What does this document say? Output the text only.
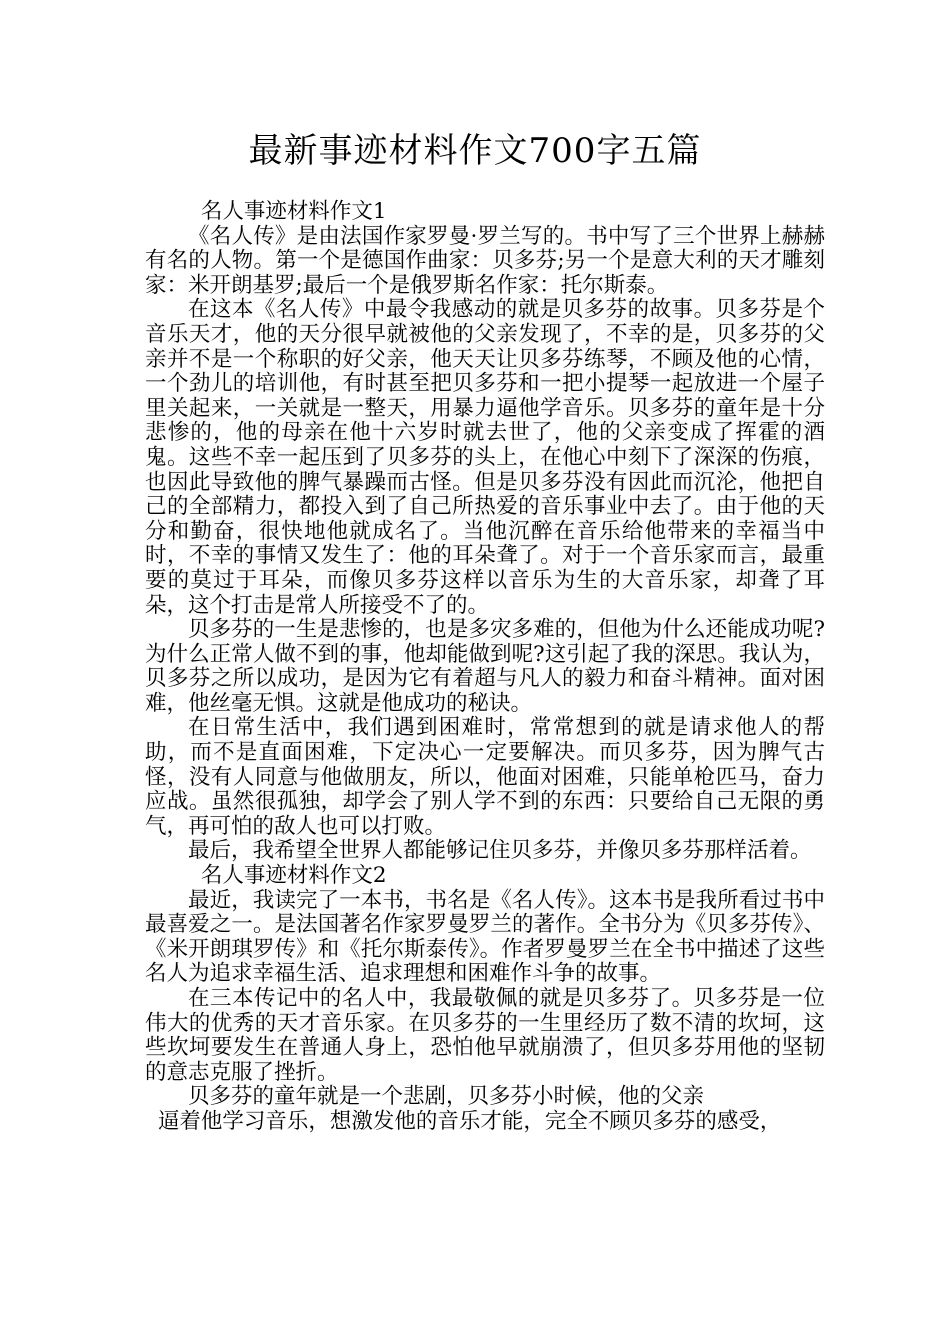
最新事迹材料作文700字五篇

名人事迹材料作文1

《名人传》是由法国作家罗曼·罗兰写的。书中写了三个世界上赫赫有名的人物。第一个是德国作曲家：贝多芬;另一个是意大利的天才雕刻家：米开朗基罗;最后一个是俄罗斯名作家：托尔斯泰。

在这本《名人传》中最令我感动的就是贝多芬的故事。贝多芬是个音乐天才，他的天分很早就被他的父亲发现了，不幸的是，贝多芬的父亲并不是一个称职的好父亲，他天天让贝多芬练琴，不顾及他的心情，一个劲儿的培训他，有时甚至把贝多芬和一把小提琴一起放进一个屋子里关起来，一关就是一整天，用暴力逼他学音乐。贝多芬的童年是十分悲惨的，他的母亲在他十六岁时就去世了，他的父亲变成了挥霍的酒鬼。这些不幸一起压到了贝多芬的头上，在他心中刻下了深深的伤痕，也因此导致他的脾气暴躁而古怪。但是贝多芬没有因此而沉沦，他把自己的全部精力，都投入到了自己所热爱的音乐事业中去了。由于他的天分和勤奋，很快地他就成名了。当他沉醉在音乐给他带来的幸福当中时，不幸的事情又发生了：他的耳朵聋了。对于一个音乐家而言，最重要的莫过于耳朵，而像贝多芬这样以音乐为生的大音乐家，却聋了耳朵，这个打击是常人所接受不了的。

贝多芬的一生是悲惨的，也是多灾多难的，但他为什么还能成功呢?为什么正常人做不到的事，他却能做到呢?这引起了我的深思。我认为，贝多芬之所以成功，是因为它有着超与凡人的毅力和奋斗精神。面对困难，他丝毫无惧。这就是他成功的秘诀。

在日常生活中，我们遇到困难时，常常想到的就是请求他人的帮助，而不是直面困难，下定决心一定要解决。而贝多芬，因为脾气古怪，没有人同意与他做朋友，所以，他面对困难，只能单枪匹马，奋力应战。虽然很孤独，却学会了别人学不到的东西：只要给自己无限的勇气，再可怕的敌人也可以打败。

最后，我希望全世界人都能够记住贝多芬，并像贝多芬那样活着。

名人事迹材料作文2

最近，我读完了一本书，书名是《名人传》。这本书是我所看过书中最喜爱之一。是法国著名作家罗曼罗兰的著作。全书分为《贝多芬传》、《米开朗琪罗传》和《托尔斯泰传》。作者罗曼罗兰在全书中描述了这些名人为追求幸福生活、追求理想和困难作斗争的故事。

在三本传记中的名人中，我最敬佩的就是贝多芬了。贝多芬是一位伟大的优秀的天才音乐家。在贝多芬的一生里经历了数不清的坎坷，这些坎坷要发生在普通人身上，恐怕他早就崩溃了，但贝多芬用他的坚韧的意志克服了挫折。

贝多芬的童年就是一个悲剧，贝多芬小时候，他的父亲

逼着他学习音乐，想激发他的音乐才能，完全不顾贝多芬的感受，
